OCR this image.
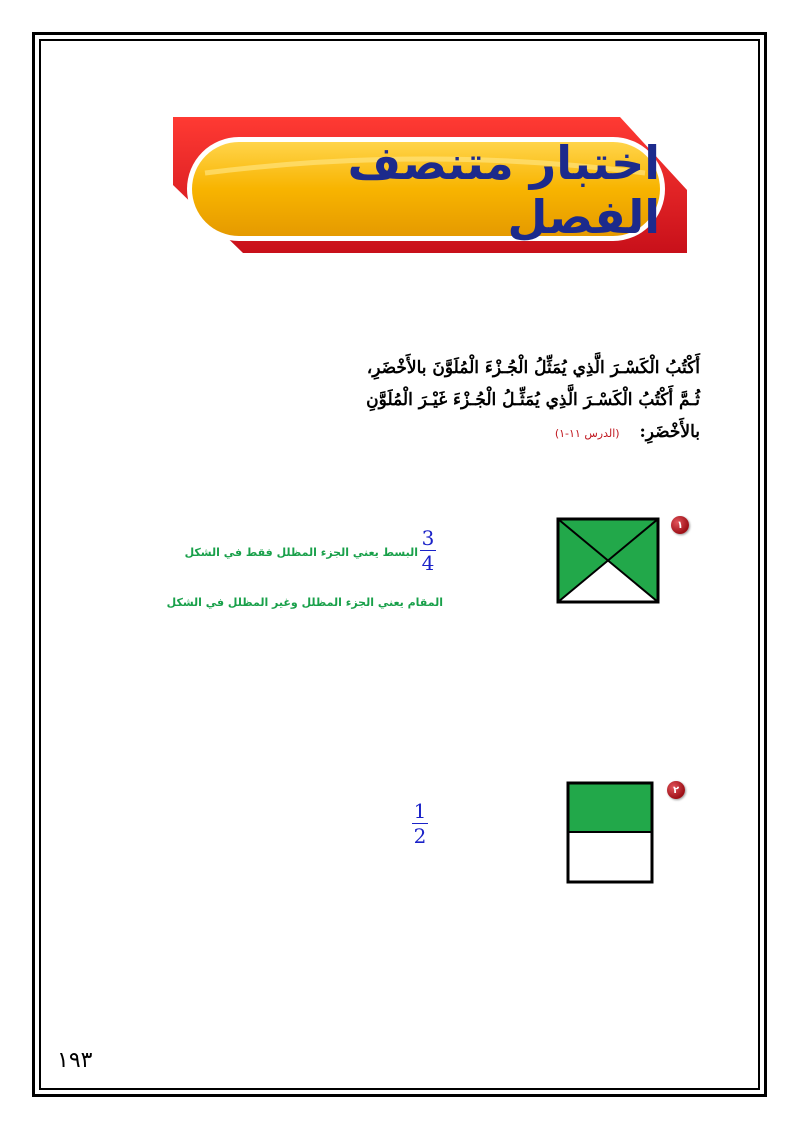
اختبار متنصف الفصل
أَكْتُبُ الْكَسْـرَ الَّذِي يُمَثِّلُ الْجُـزْءَ الْمُلَوَّنَ بالأَخْضَرِ،
ثُـمَّ أَكْتُبُ الْكَسْـرَ الَّذِي يُمَثِّـلُ الْجُـزْءَ غَيْـرَ الْمُلَوَّنِ
بالأَخْضَرِ: (الدرس ١١-١)
١
3
4
البسط يعني الجزء المظلل فقط في الشكل
المقام يعني الجزء المظلل وغير المظلل في الشكل
٢
1
2
١٩٣
